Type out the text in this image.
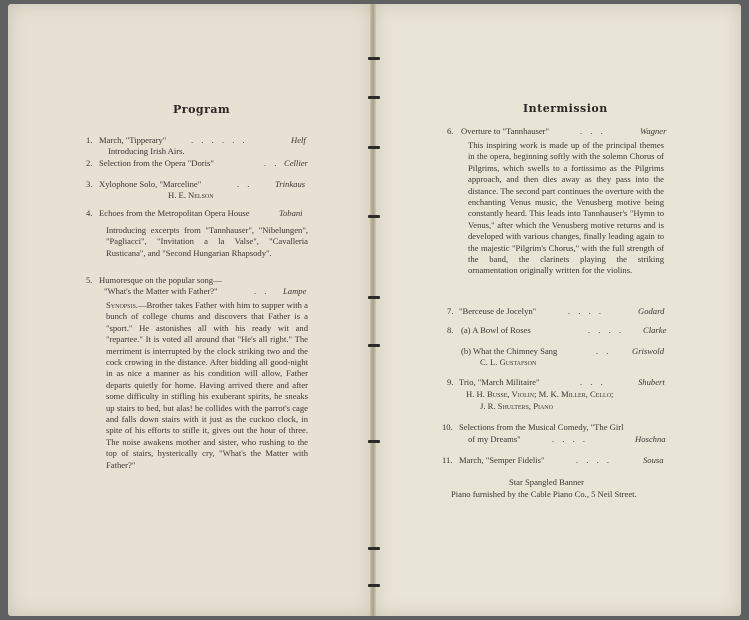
Program
1. March, "Tipperary"	. . . . . .	Helf
Introducing Irish Airs.
2. Selection from the Opera "Doris"	. . Cellier
3. Xylophone Solo, "Marceline"	. .	Trinkaus
H. E. Nelson
4. Echoes from the Metropolitan Opera House	Tobani
Introducing excerpts from "Tannhauser", "Nibelungen", "Pagliacci", "Invitation a la Valse", "Cavalleria Rusticana", and "Second Hungarian Rhapsody".
5. Humoresque on the popular song—
"What's the Matter with Father?"	. . Lampe
Synopsis.—Brother takes Father with him to supper with a bunch of college chums and discovers that Father is a "sport." He astonishes all with his ready wit and "repartee." It is voted all around that "He's all right." The merriment is interrupted by the clock striking two and the cock crowing in the distance. After bidding all good-night in as nice a manner as his condition will allow, Father departs quietly for home. Having arrived there and after some difficulty in stifling his exuberant spirits, he sneaks up stairs to bed, but alas! he collides with the parrot's cage and falls down stairs with it just as the cuckoo clock, in spite of his efforts to stifle it, gives out the hour of three. The noise awakens mother and sister, who rushing to the top of stairs, hysterically cry, "What's the Matter with Father?"
Intermission
6. Overture to "Tannhauser"	. . .	Wagner
This inspiring work is made up of the principal themes in the opera, beginning softly with the solemn Chorus of Pilgrims, which swells to a fortissimo as the Pilgrims approach, and then dies away as they pass into the distance. The second part continues the overture with the enchanting Venus music, the Venusberg motive being constantly heard. This leads into Tannhauser's "Hymn to Venus," after which the Venusberg motive returns and is developed with various changes, finally leading again to the majestic "Pilgrim's Chorus," with the full strength of the band, the clarinets playing the striking ornamentation originally written for the violins.
7. "Berceuse de Jocelyn"	. . . .	Godard
8. (a) A Bowl of Roses	. . . . Clarke
(b) What the Chimney Sang	. . Griswold
C. L. Gustafson
9. Trio, "March Militaire"	. . .	Shubert
H. H. Busse, Violin; M. K. Miller, Cello;
J. R. Shulters, Piano
10. Selections from the Musical Comedy, "The Girl
of my Dreams"	. . . .	Hoschna
11. March, "Semper Fidelis"	. . . .	Sousa
Star Spangled Banner
Piano furnished by the Cable Piano Co., 5 Neil Street.
